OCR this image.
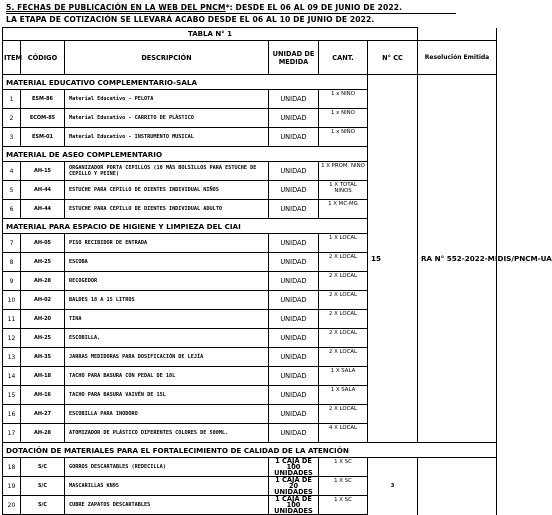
5. FECHAS DE PUBLICACIÓN EN LA WEB DEL PNCM*: DESDE EL 06 AL 09 DE JUNIO DE 2022.
LA ETAPA DE COTIZACIÓN SE LLEVARÁ ACABO DESDE EL 06 AL 10 DE JUNIO DE 2022.
TABLA N° 1						
ITEM	CÓDIGO	DESCRIPCIÓN	UNIDAD DE MEDIDA	CANT.	N° CC	Resolución Emitida
MATERIAL EDUCATIVO COMPLEMENTARIO-SALA					15	RA N° 552-2022-MIDIS/PNCM-UA
1	ESM-86	Material Educativo - PELOTA	UNIDAD	1 x NIÑO		
2	ECOM-85	Material Educativo - CARRITO DE PLÁSTICO	UNIDAD	1 x NIÑO		
3	ESM-01	Material Educativo - INSTRUMENTO MUSICAL	UNIDAD	1 x NIÑO		
MATERIAL DE ASEO COMPLEMENTARIO						
4	AH-15	ORGANIZADOR PORTA CEPILLOS (10 MÁS BOLSILLOS PARA ESTUCHE DE CEPILLO Y PEINE)	UNIDAD	1 X PROM. NIÑO		
5	AH-44	ESTUCHE PARA CEPILLO DE DIENTES INDIVIDUAL NIÑOS	UNIDAD	1 X TOTAL NIÑOS		
6	AH-44	ESTUCHE PARA CEPILLO DE DIENTES INDIVIDUAL ADULTO	UNIDAD	1 X MC-MG		
MATERIAL PARA ESPACIO DE HIGIENE Y LIMPIEZA DEL CIAI						
7	AH-05	PISO RECIBIDOR DE ENTRADA	UNIDAD	1 X LOCAL		
8	AH-25	ESCOBA	UNIDAD	2 X LOCAL		
9	AH-28	RECOGEDOR	UNIDAD	2 X LOCAL		
10	AH-02	BALDES 18 A 15 LITROS	UNIDAD	2 X LOCAL		
11	AH-20	TINA	UNIDAD	2 X LOCAL		
12	AH-25	ESCOBILLA,	UNIDAD	2 X LOCAL		
13	AH-35	JARRAS MEDIDORAS PARA DOSIFICACIÓN DE LEJÍA	UNIDAD	2 X LOCAL		
14	AH-18	TACHO PARA BASURA CON PEDAL DE 18L	UNIDAD	1 X SALA		
15	AH-16	TACHO PARA BASURA VAIVÉN DE 15L	UNIDAD	1 X SALA		
16	AH-27	ESCOBILLA PARA INODORO	UNIDAD	2 X LOCAL		
17	AH-28	ATOMIZADOR DE PLÁSTICO DIFERENTES COLORES DE 500ML.	UNIDAD	4 X LOCAL		
DOTACIÓN DE MATERIALES PARA EL FORTALECIMIENTO DE CALIDAD DE LA ATENCIÓN						
18	S/C	GORROS DESCARTABLES (REDECILLA)	1 CAJA DE 100 UNIDADES	1 X SC	3	
19	S/C	MASCARILLAS KN95	1 CAJA DE 20 UNIDADES	1 X SC		
20	S/C	CUBRE ZAPATOS DESCARTABLES	1 CAJA DE 100 UNIDADES	1 X SC		
